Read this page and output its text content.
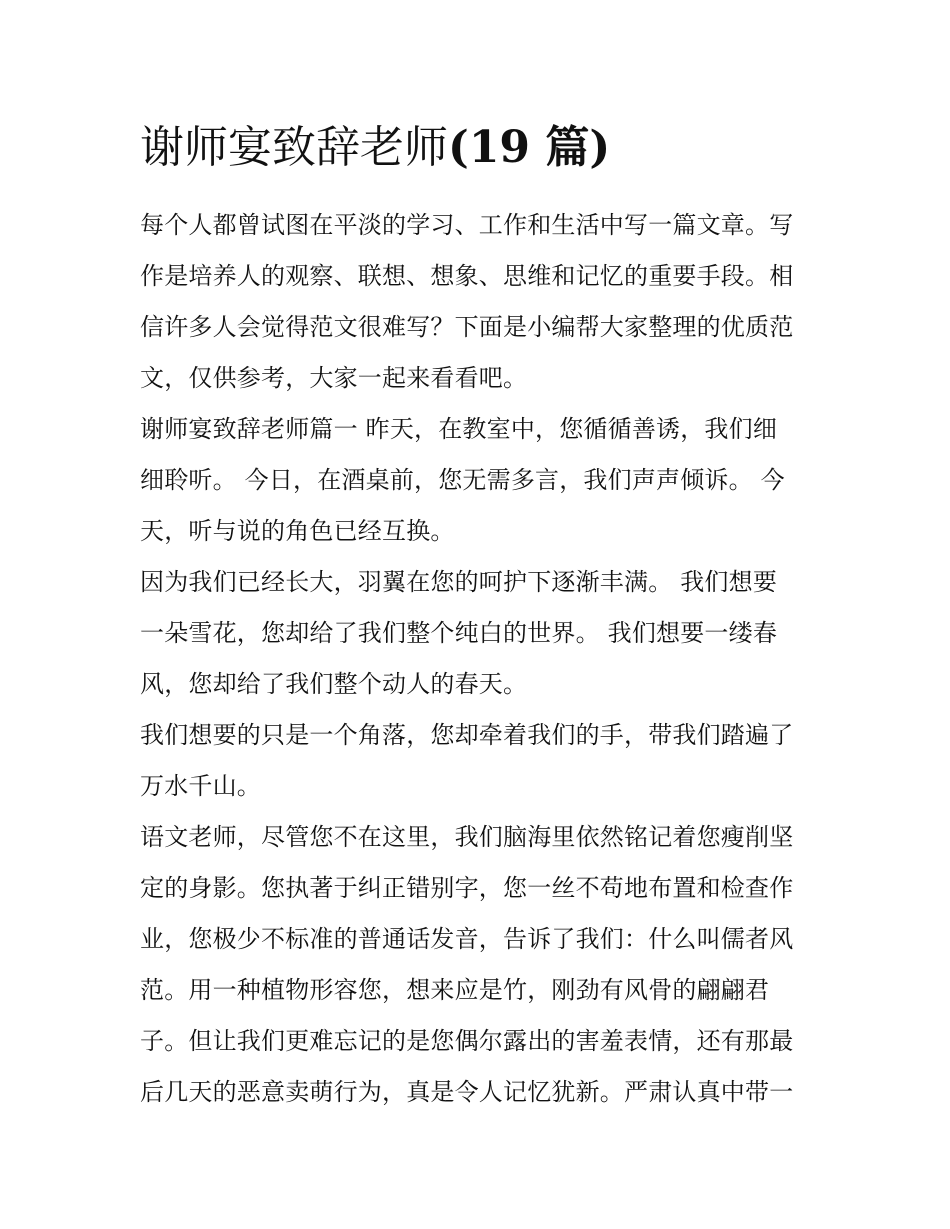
谢师宴致辞老师(19 篇)
每个人都曾试图在平淡的学习、工作和生活中写一篇文章。写
作是培养人的观察、联想、想象、思维和记忆的重要手段。相
信许多人会觉得范文很难写？下面是小编帮大家整理的优质范
文，仅供参考，大家一起来看看吧。
谢师宴致辞老师篇一 昨天，在教室中，您循循善诱，我们细
细聆听。 今日，在酒桌前，您无需多言，我们声声倾诉。 今
天，听与说的角色已经互换。
因为我们已经长大，羽翼在您的呵护下逐渐丰满。 我们想要
一朵雪花，您却给了我们整个纯白的世界。 我们想要一缕春
风，您却给了我们整个动人的春天。
我们想要的只是一个角落，您却牵着我们的手，带我们踏遍了
万水千山。
语文老师，尽管您不在这里，我们脑海里依然铭记着您瘦削坚
定的身影。您执著于纠正错别字，您一丝不苟地布置和检查作
业，您极少不标准的普通话发音，告诉了我们：什么叫儒者风
范。用一种植物形容您，想来应是竹，刚劲有风骨的翩翩君
子。但让我们更难忘记的是您偶尔露出的害羞表情，还有那最
后几天的恶意卖萌行为，真是令人记忆犹新。严肃认真中带一
